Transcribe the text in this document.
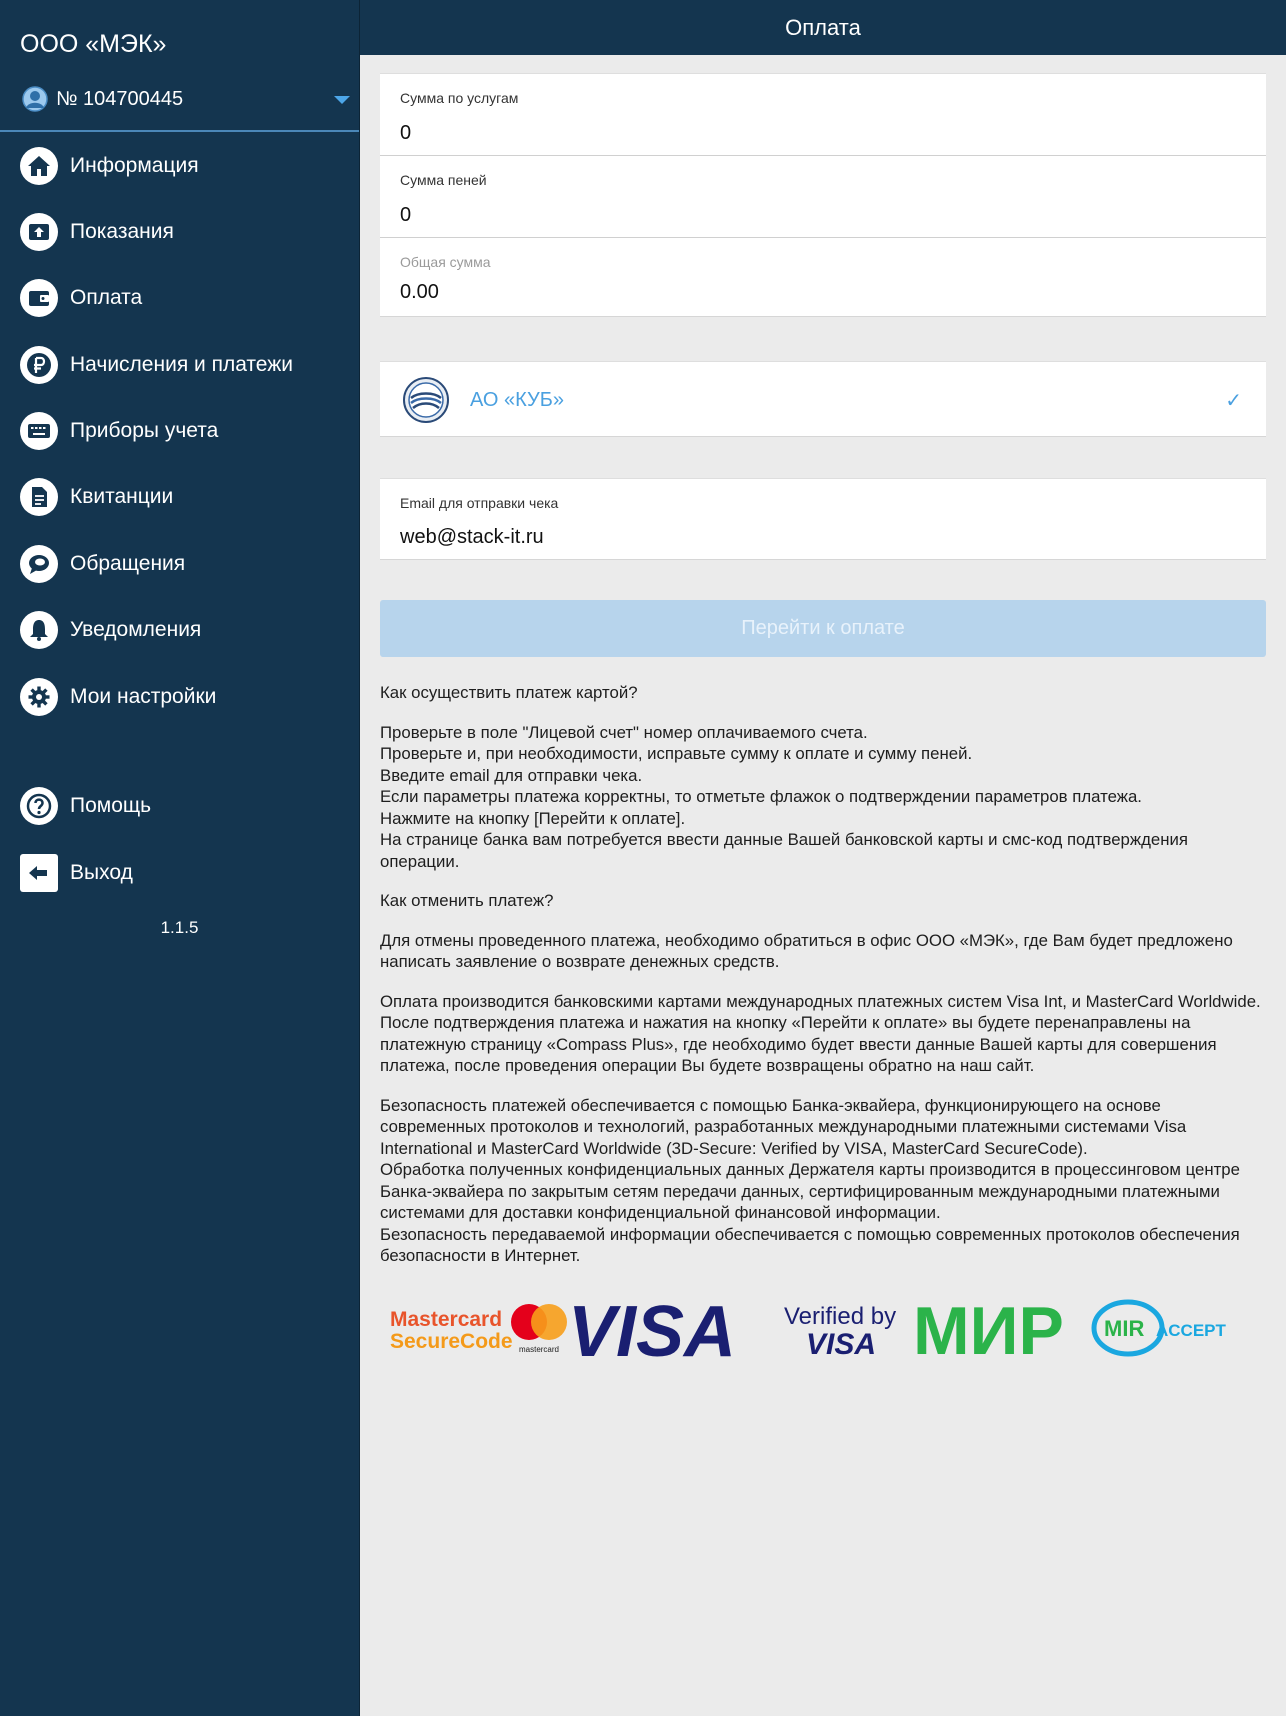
ООО «МЭК»
№ 104700445
Информация
Показания
Оплата
Начисления и платежи
Приборы учета
Квитанции
Обращения
Уведомления
Мои настройки
Помощь
Выход
1.1.5
Оплата
Сумма по услугам
0
Сумма пеней
0
Общая сумма
0.00
АО «КУБ»	✓
Email для отправки чека
web@stack-it.ru
Перейти к оплате

Как осуществить платеж картой?

Проверьте в поле "Лицевой счет" номер оплачиваемого счета.
Проверьте и, при необходимости, исправьте сумму к оплате и сумму пеней.
Введите email для отправки чека.
Если параметры платежа корректны, то отметьте флажок о подтверждении параметров платежа.
Нажмите на кнопку [Перейти к оплате].
На странице банка вам потребуется ввести данные Вашей банковской карты и смс-код подтверждения операции.

Как отменить платеж?

Для отмены проведенного платежа, необходимо обратиться в офис ООО «МЭК», где Вам будет предложено написать заявление о возврате денежных средств.

Оплата производится банковскими картами международных платежных систем Visa Int, и MasterCard Worldwide.
После подтверждения платежа и нажатия на кнопку «Перейти к оплате» вы будете перенаправлены на платежную страницу «Compass Plus», где необходимо будет ввести данные Вашей карты для совершения платежа, после проведения операции Вы будете возвращены обратно на наш сайт.

Безопасность платежей обеспечивается с помощью Банка-эквайера, функционирующего на основе современных протоколов и технологий, разработанных международными платежными системами Visa International и MasterCard Worldwide (3D-Secure: Verified by VISA, MasterCard SecureCode).
Обработка полученных конфиденциальных данных Держателя карты производится в процессинговом центре Банка-эквайера по закрытым сетям передачи данных, сертифицированным международными платежными системами для доставки конфиденциальной финансовой информации.
Безопасность передаваемой информации обеспечивается с помощью современных протоколов обеспечения безопасности в Интернет.

Mastercard
SecureCode mastercard VISA Verified by
VISA МИР MIR ACCEPT
